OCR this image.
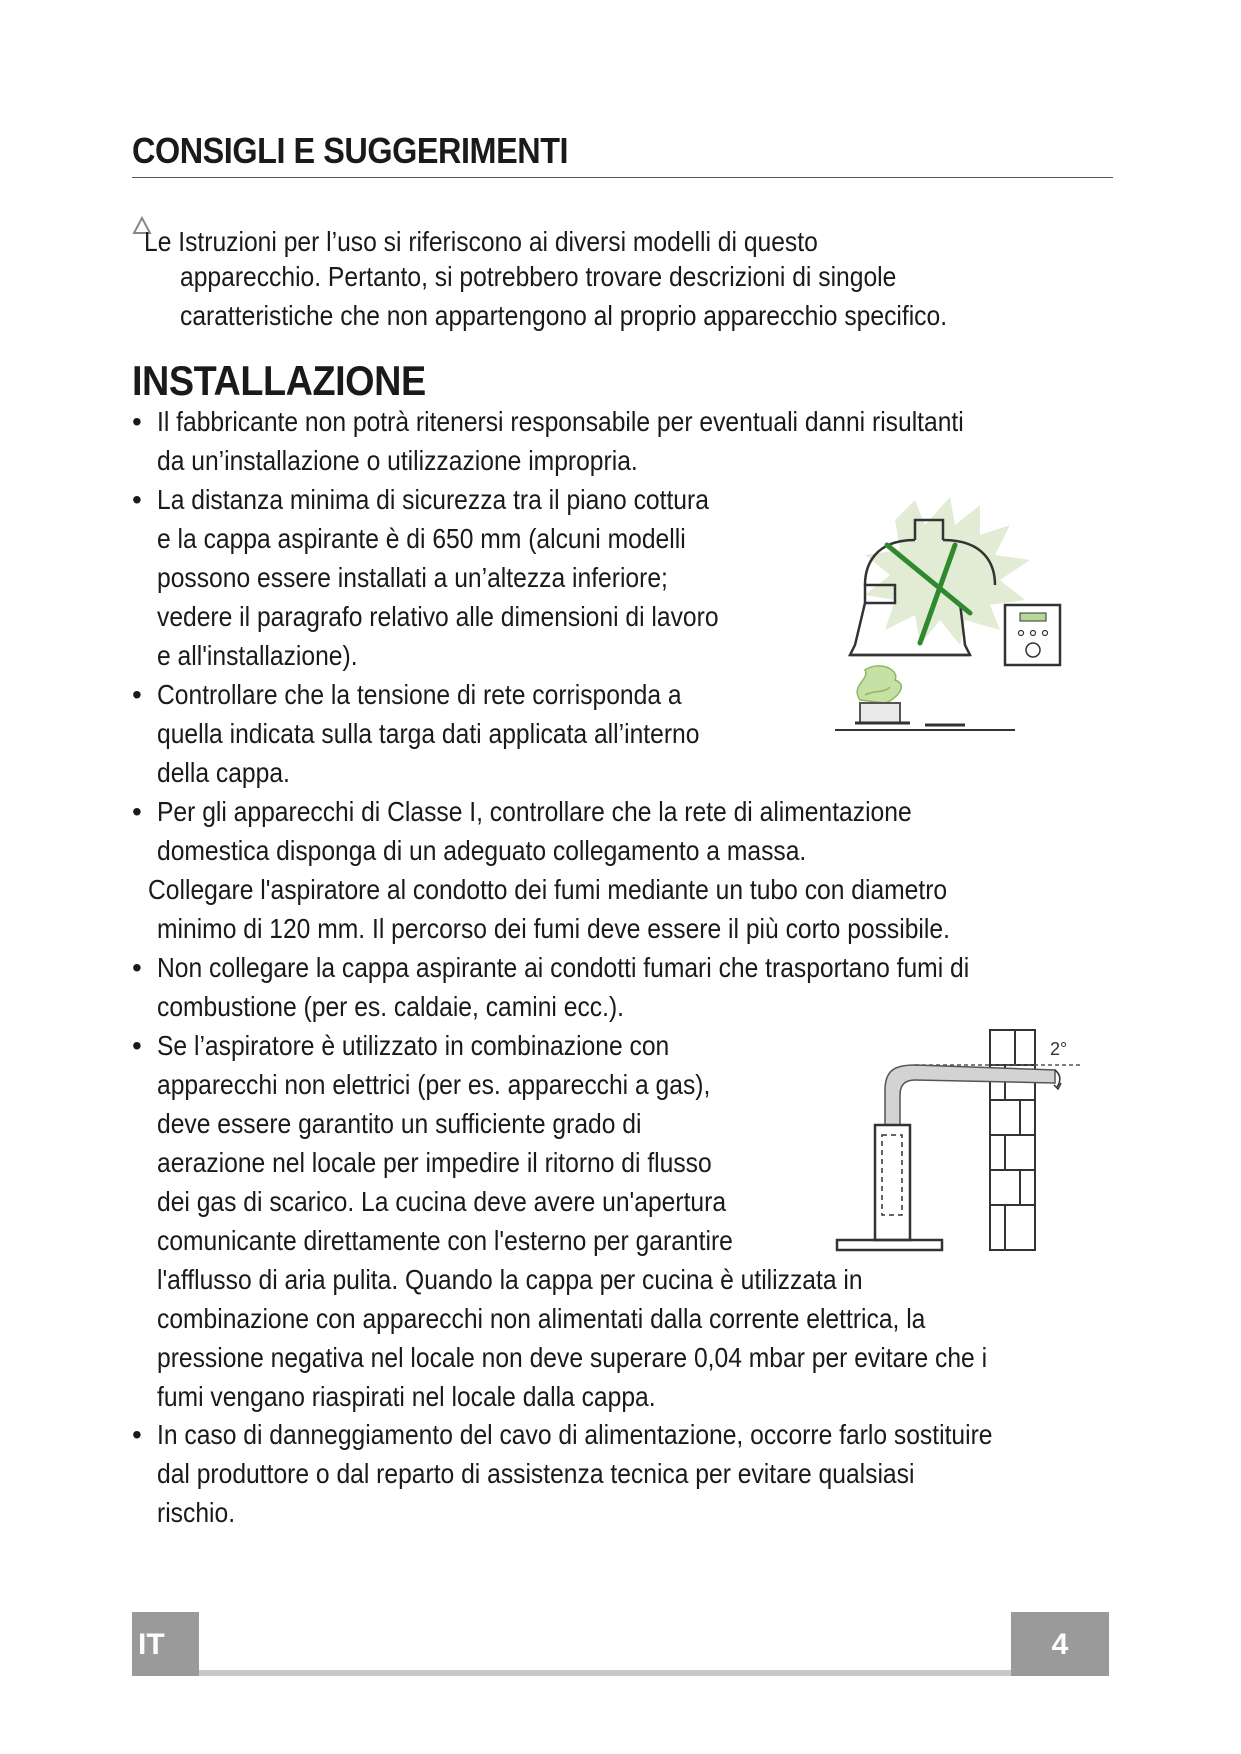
CONSIGLI E SUGGERIMENTI
Le Istruzioni per l’uso si riferiscono ai diversi modelli di questo
apparecchio. Pertanto, si potrebbero trovare descrizioni di singole
caratteristiche che non appartengono al proprio apparecchio specifico.
INSTALLAZIONE
• Il fabbricante non potrà ritenersi responsabile per eventuali danni risultanti
da un’installazione o utilizzazione impropria.
• La distanza minima di sicurezza tra il piano cottura
e la cappa aspirante è di 650 mm (alcuni modelli
possono essere installati a un’altezza inferiore;
vedere il paragrafo relativo alle dimensioni di lavoro
e all'installazione).
• Controllare che la tensione di rete corrisponda a
quella indicata sulla targa dati applicata all’interno
della cappa.
• Per gli apparecchi di Classe I, controllare che la rete di alimentazione
domestica disponga di un adeguato collegamento a massa.
Collegare l'aspiratore al condotto dei fumi mediante un tubo con diametro
minimo di 120 mm. Il percorso dei fumi deve essere il più corto possibile.
• Non collegare la cappa aspirante ai condotti fumari che trasportano fumi di
combustione (per es. caldaie, camini ecc.).
• Se l’aspiratore è utilizzato in combinazione con
apparecchi non elettrici (per es. apparecchi a gas),
deve essere garantito un sufficiente grado di
aerazione nel locale per impedire il ritorno di flusso
dei gas di scarico. La cucina deve avere un'apertura
comunicante direttamente con l'esterno per garantire
l'afflusso di aria pulita. Quando la cappa per cucina è utilizzata in
combinazione con apparecchi non alimentati dalla corrente elettrica, la
pressione negativa nel locale non deve superare 0,04 mbar per evitare che i
fumi vengano riaspirati nel locale dalla cappa.
• In caso di danneggiamento del cavo di alimentazione, occorre farlo sostituire
dal produttore o dal reparto di assistenza tecnica per evitare qualsiasi
rischio.
2°
IT	4
